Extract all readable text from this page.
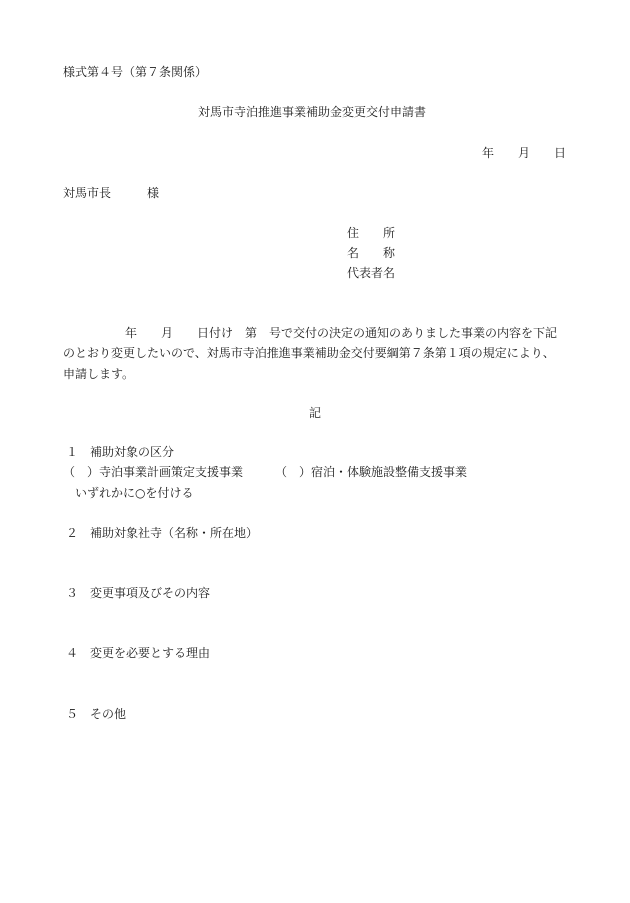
様式第４号（第７条関係）

対馬市寺泊推進事業補助金変更交付申請書

年　　月　　日

対馬市長　　　様

住　　所

名　　称

代表者名

年　　月　　日付け　第　号で交付の決定の通知のありました事業の内容を下記

のとおり変更したいので、対馬市寺泊推進事業補助金交付要綱第７条第１項の規定により、

申請します。

記

１　補助対象の区分

（　）寺泊事業計画策定支援事業	（　）宿泊・体験施設整備支援事業

いずれかに○を付ける

２　補助対象社寺（名称・所在地）

３　変更事項及びその内容

４　変更を必要とする理由

５　その他
